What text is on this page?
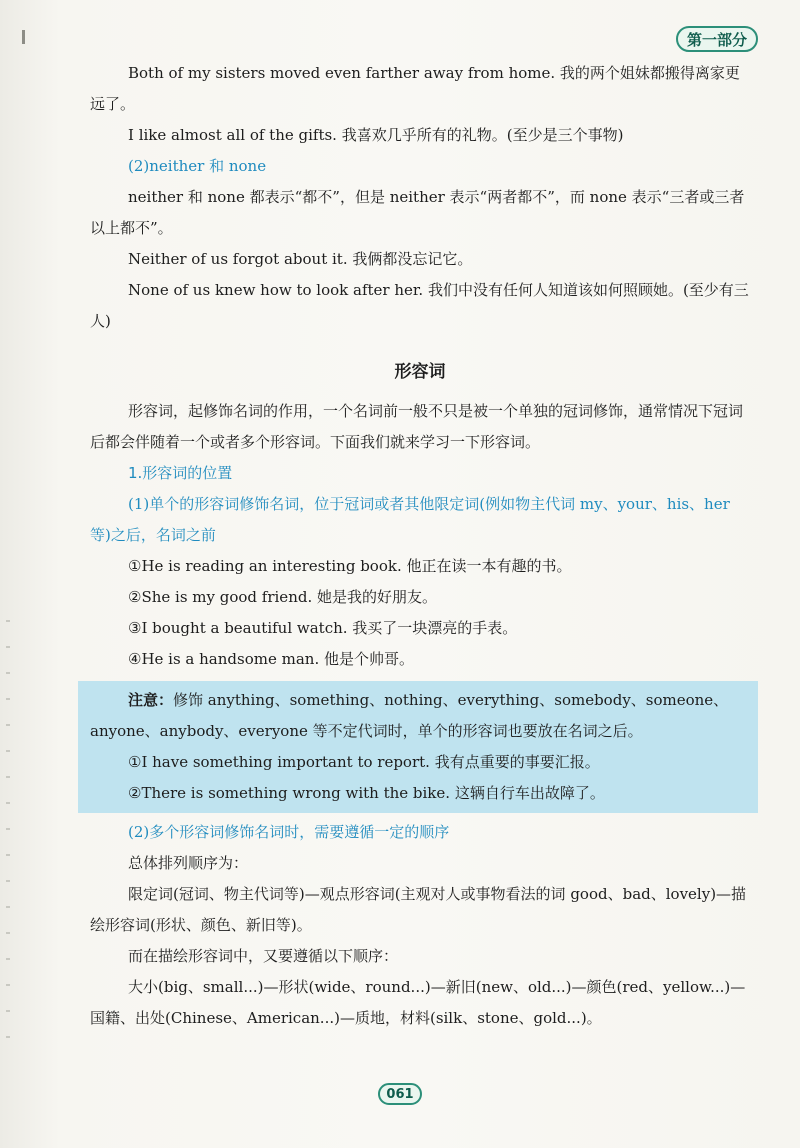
第一部分

Both of my sisters moved even farther away from home. 我的两个姐妹都搬得离家更远了。

I like almost all of the gifts. 我喜欢几乎所有的礼物。(至少是三个事物)

(2)neither 和 none

neither 和 none 都表示“都不”，但是 neither 表示“两者都不”，而 none 表示“三者或三者以上都不”。

Neither of us forgot about it. 我俩都没忘记它。

None of us knew how to look after her. 我们中没有任何人知道该如何照顾她。(至少有三人)

形容词

形容词，起修饰名词的作用，一个名词前一般不只是被一个单独的冠词修饰，通常情况下冠词后都会伴随着一个或者多个形容词。下面我们就来学习一下形容词。

1.形容词的位置

(1)单个的形容词修饰名词，位于冠词或者其他限定词(例如物主代词 my、your、his、her 等)之后，名词之前

①He is reading an interesting book. 他正在读一本有趣的书。

②She is my good friend. 她是我的好朋友。

③I bought a beautiful watch. 我买了一块漂亮的手表。

④He is a handsome man. 他是个帅哥。

注意：修饰 anything、something、nothing、everything、somebody、someone、anyone、anybody、everyone 等不定代词时，单个的形容词也要放在名词之后。

①I have something important to report. 我有点重要的事要汇报。

②There is something wrong with the bike. 这辆自行车出故障了。

(2)多个形容词修饰名词时，需要遵循一定的顺序

总体排列顺序为：

限定词(冠词、物主代词等)—观点形容词(主观对人或事物看法的词 good、bad、lovely)—描绘形容词(形状、颜色、新旧等)。

而在描绘形容词中，又要遵循以下顺序：

大小(big、small...)—形状(wide、round...)—新旧(new、old...)—颜色(red、yellow...)—国籍、出处(Chinese、American...)—质地，材料(silk、stone、gold...)。

061
